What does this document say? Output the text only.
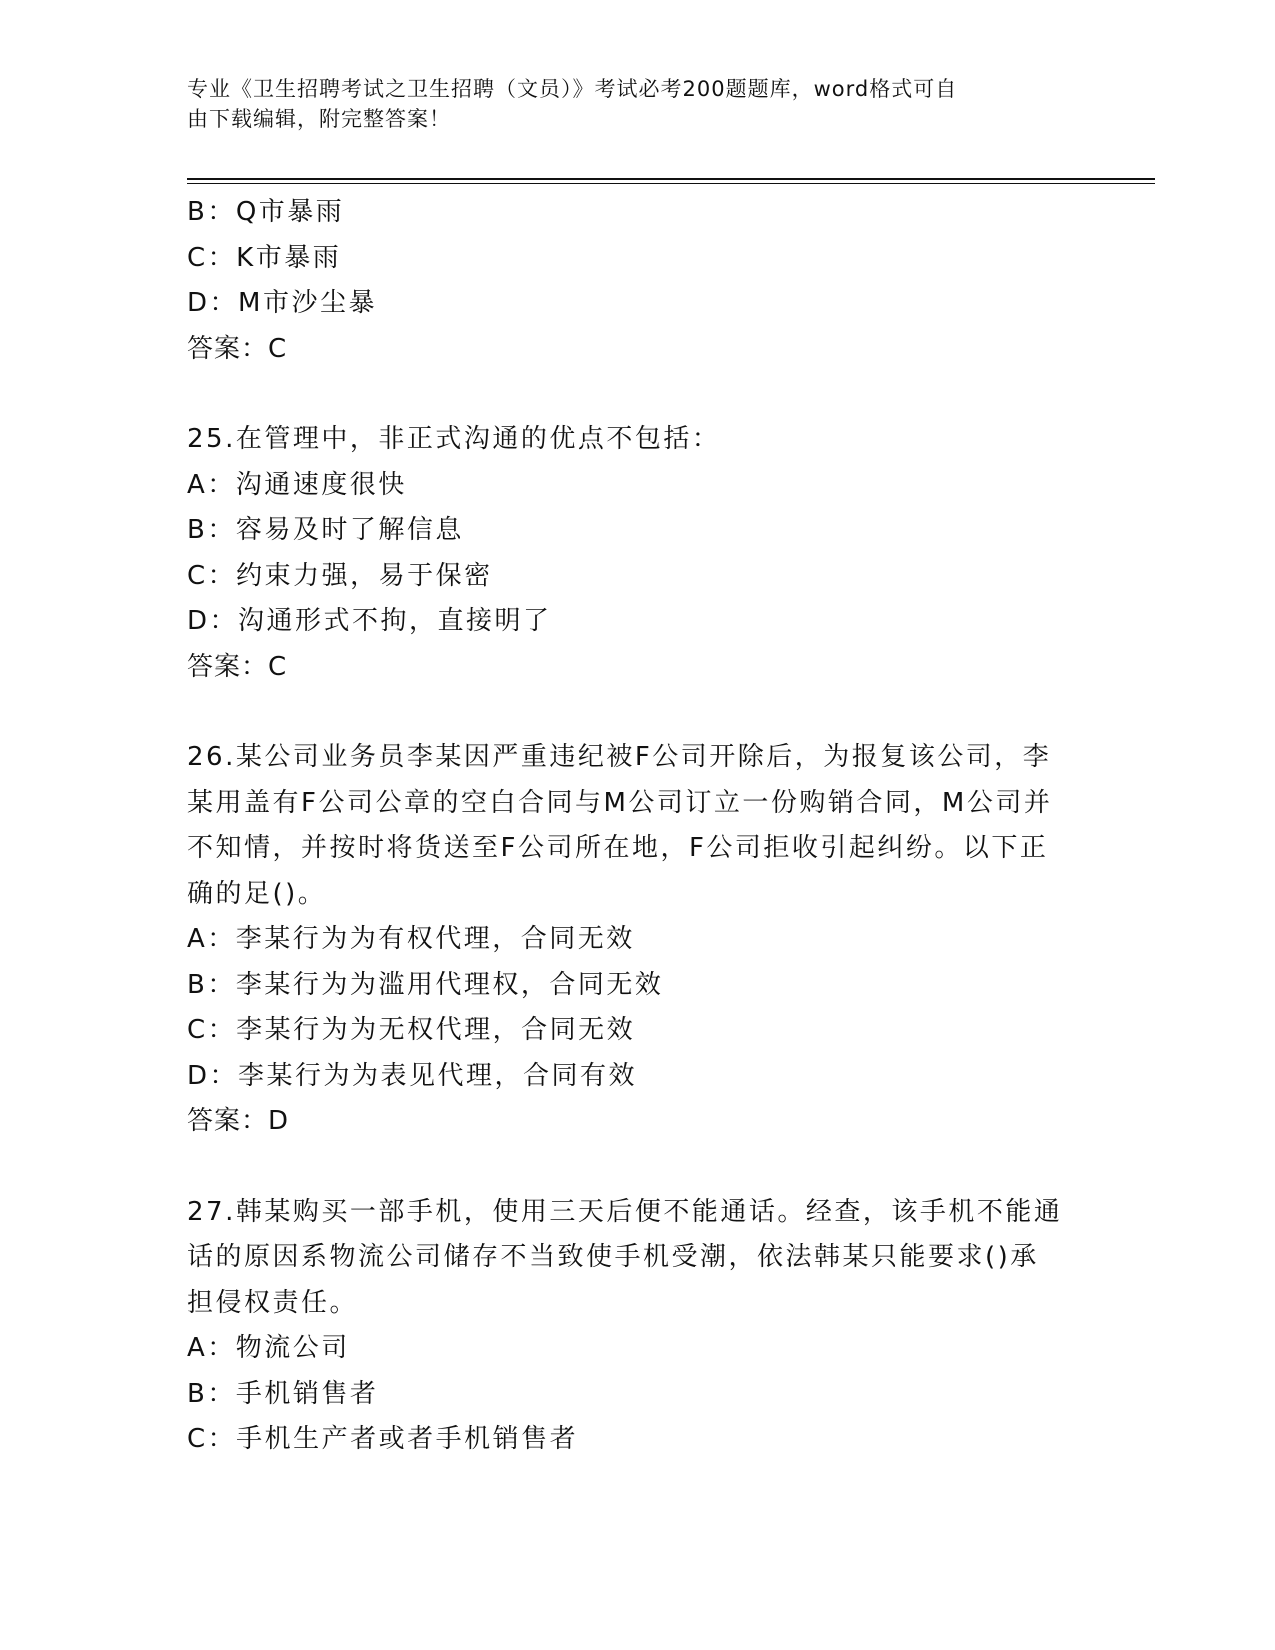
专业《卫生招聘考试之卫生招聘（文员）》考试必考200题题库，word格式可自
由下载编辑，附完整答案！
B：Q市暴雨
C：K市暴雨
D：M市沙尘暴
答案：C
25.在管理中，非正式沟通的优点不包括：
A：沟通速度很快
B：容易及时了解信息
C：约束力强，易于保密
D：沟通形式不拘，直接明了
答案：C
26.某公司业务员李某因严重违纪被F公司开除后，为报复该公司，李
某用盖有F公司公章的空白合同与M公司订立一份购销合同，M公司并
不知情，并按时将货送至F公司所在地，F公司拒收引起纠纷。以下正
确的足()。
A：李某行为为有权代理，合同无效
B：李某行为为滥用代理权，合同无效
C：李某行为为无权代理，合同无效
D：李某行为为表见代理，合同有效
答案：D
27.韩某购买一部手机，使用三天后便不能通话。经查，该手机不能通
话的原因系物流公司储存不当致使手机受潮，依法韩某只能要求()承
担侵权责任。
A：物流公司
B：手机销售者
C：手机生产者或者手机销售者
